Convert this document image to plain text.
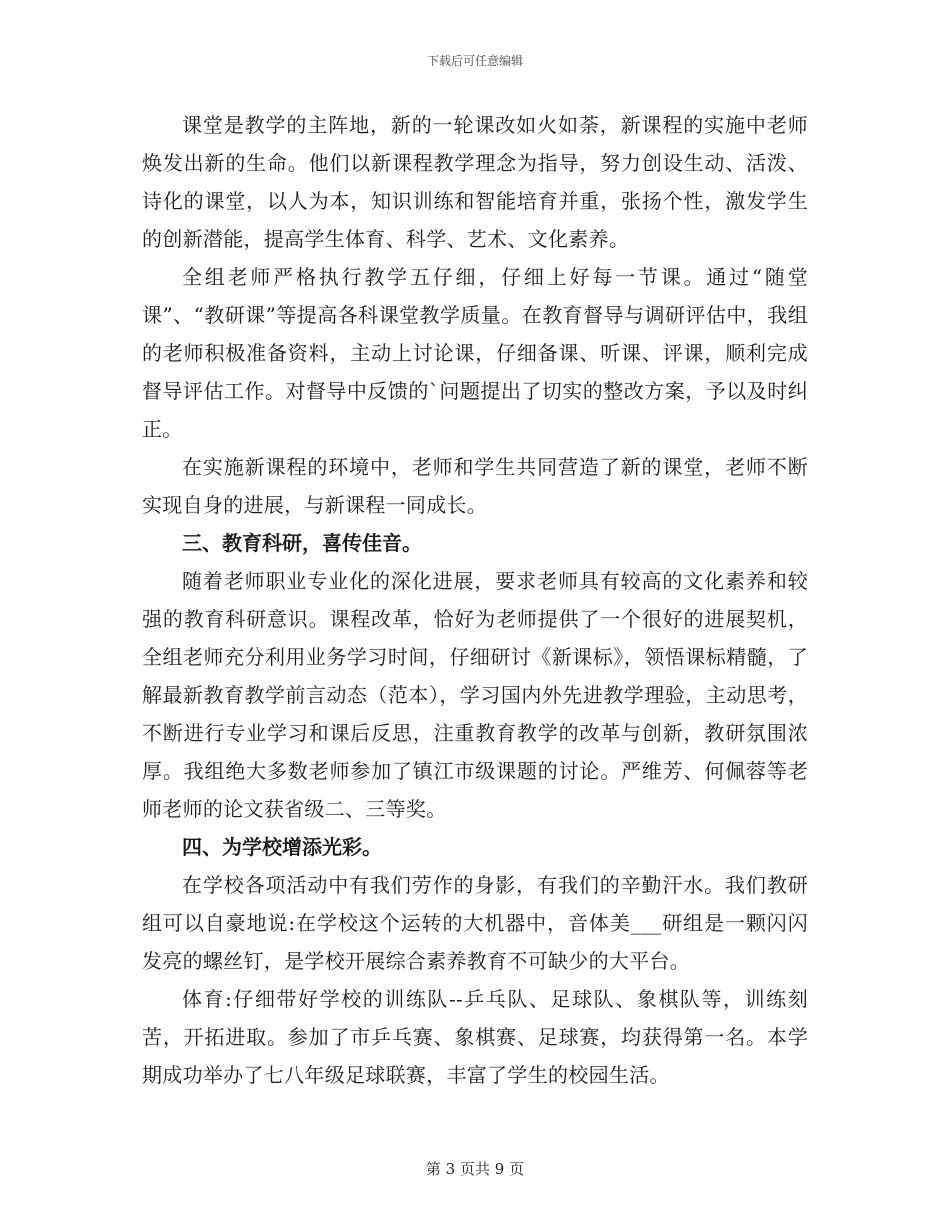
下载后可任意编辑

课堂是教学的主阵地，新的一轮课改如火如荼，新课程的实施中老师焕发出新的生命。他们以新课程教学理念为指导，努力创设生动、活泼、诗化的课堂，以人为本，知识训练和智能培育并重，张扬个性，激发学生的创新潜能，提高学生体育、科学、艺术、文化素养。

全组老师严格执行教学五仔细，仔细上好每一节课。通过“随堂课”、“教研课”等提高各科课堂教学质量。在教育督导与调研评估中，我组的老师积极准备资料，主动上讨论课，仔细备课、听课、评课，顺利完成督导评估工作。对督导中反馈的`问题提出了切实的整改方案，予以及时纠正。

在实施新课程的环境中，老师和学生共同营造了新的课堂，老师不断实现自身的进展，与新课程一同成长。

三、教育科研，喜传佳音。

随着老师职业专业化的深化进展，要求老师具有较高的文化素养和较强的教育科研意识。课程改革，恰好为老师提供了一个很好的进展契机，全组老师充分利用业务学习时间，仔细研讨《新课标》，领悟课标精髓，了解最新教育教学前言动态（范本），学习国内外先进教学理验，主动思考，不断进行专业学习和课后反思，注重教育教学的改革与创新，教研氛围浓厚。我组绝大多数老师参加了镇江市级课题的讨论。严维芳、何佩蓉等老师老师的论文获省级二、三等奖。

四、为学校增添光彩。

在学校各项活动中有我们劳作的身影，有我们的辛勤汗水。我们教研组可以自豪地说:在学校这个运转的大机器中，音体美___研组是一颗闪闪发亮的螺丝钉，是学校开展综合素养教育不可缺少的大平台。

体育:仔细带好学校的训练队--乒乓队、足球队、象棋队等，训练刻苦，开拓进取。参加了市乒乓赛、象棋赛、足球赛，均获得第一名。本学期成功举办了七八年级足球联赛，丰富了学生的校园生活。

第 3 页共 9 页
